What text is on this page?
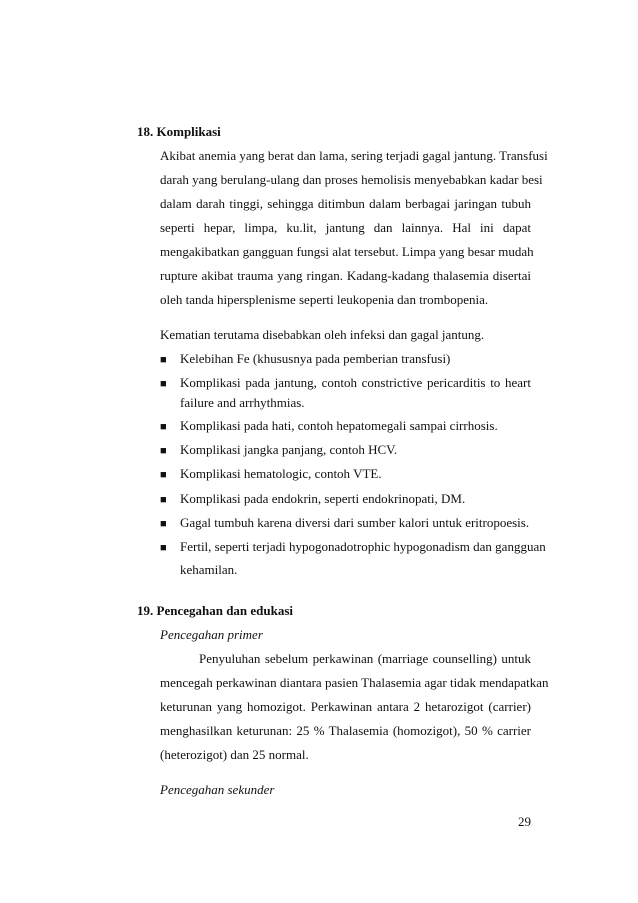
18. Komplikasi
Akibat anemia yang berat dan lama, sering terjadi gagal jantung. Transfusi
darah yang berulang-ulang dan proses hemolisis menyebabkan kadar besi
dalam darah tinggi, sehingga ditimbun dalam berbagai jaringan tubuh
seperti hepar, limpa, ku.lit, jantung dan lainnya. Hal ini dapat
mengakibatkan gangguan fungsi alat tersebut. Limpa yang besar mudah
rupture akibat trauma yang ringan. Kadang-kadang thalasemia disertai
oleh tanda hipersplenisme seperti leukopenia dan trombopenia.
Kematian terutama disebabkan oleh infeksi dan gagal jantung.
■ Kelebihan Fe (khususnya pada pemberian transfusi)
■ Komplikasi pada jantung, contoh constrictive pericarditis to heart
failure and arrhythmias.
■ Komplikasi pada hati, contoh hepatomegali sampai cirrhosis.
■ Komplikasi jangka panjang, contoh HCV.
■ Komplikasi hematologic, contoh VTE.
■ Komplikasi pada endokrin, seperti endokrinopati, DM.
■ Gagal tumbuh karena diversi dari sumber kalori untuk eritropoesis.
■ Fertil, seperti terjadi hypogonadotrophic hypogonadism dan gangguan
kehamilan.
19. Pencegahan dan edukasi
Pencegahan primer
Penyuluhan sebelum perkawinan (marriage counselling) untuk
mencegah perkawinan diantara pasien Thalasemia agar tidak mendapatkan
keturunan yang homozigot. Perkawinan antara 2 hetarozigot (carrier)
menghasilkan keturunan: 25 % Thalasemia (homozigot), 50 % carrier
(heterozigot) dan 25 normal.
Pencegahan sekunder
29
